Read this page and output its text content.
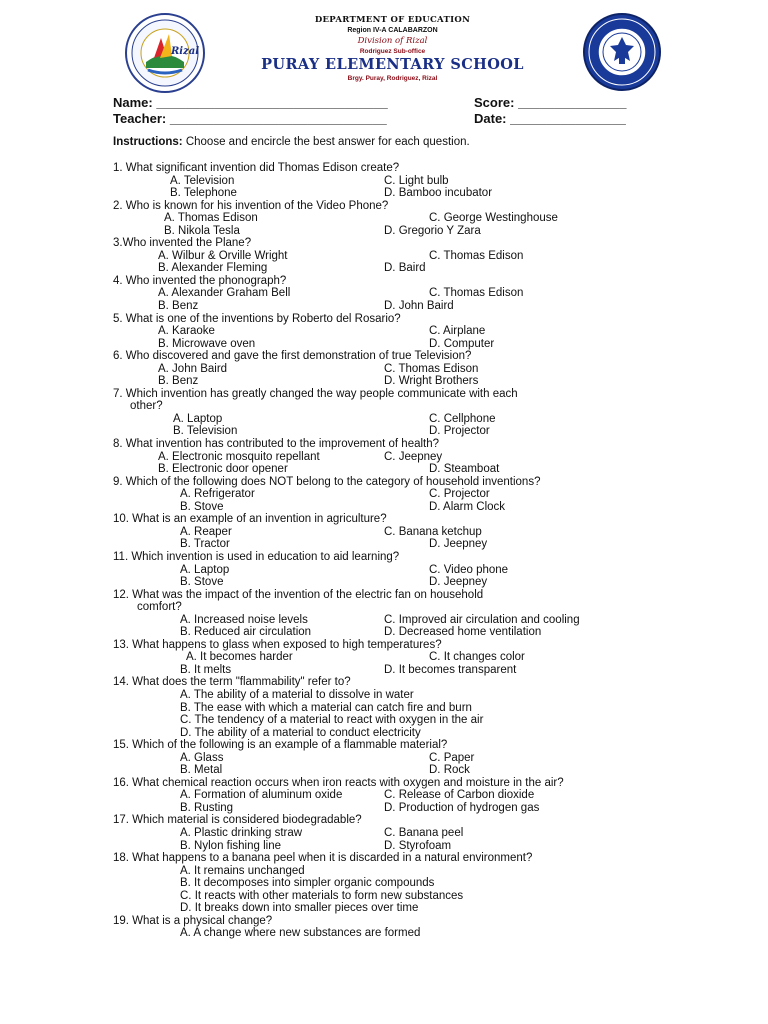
Rizal
DEPARTMENT OF EDUCATION
Region IV-A CALABARZON
Division of Rizal
Rodriguez Sub-office
PURAY ELEMENTARY SCHOOL
Brgy. Puray, Rodriguez, Rizal
Name: ________________________________	Score: _______________
Teacher: ______________________________	Date: ________________
Instructions: Choose and encircle the best answer for each question.
1. What significant invention did Thomas Edison create?
A. Television	C. Light bulb
B. Telephone	D. Bamboo incubator
2. Who is known for his invention of the Video Phone?
A. Thomas Edison	C. George Westinghouse
B. Nikola Tesla	D. Gregorio Y Zara
3.Who invented the Plane?
A. Wilbur & Orville Wright	C. Thomas Edison
B. Alexander Fleming	D. Baird
4. Who invented the phonograph?
A. Alexander Graham Bell	C. Thomas Edison
B. Benz	D. John Baird
5. What is one of the inventions by Roberto del Rosario?
A. Karaoke	C. Airplane
B. Microwave oven	D. Computer
6. Who discovered and gave the first demonstration of true Television?
A. John Baird	C. Thomas Edison
B. Benz	D. Wright Brothers
7. Which invention has greatly changed the way people communicate with each
other?
A. Laptop	C. Cellphone
B. Television	D. Projector
8. What invention has contributed to the improvement of health?
A. Electronic mosquito repellant	C. Jeepney
B. Electronic door opener	D. Steamboat
9. Which of the following does NOT belong to the category of household inventions?
A. Refrigerator	C. Projector
B. Stove	D. Alarm Clock
10. What is an example of an invention in agriculture?
A. Reaper	C. Banana ketchup
B. Tractor	D. Jeepney
11. Which invention is used in education to aid learning?
A. Laptop	C. Video phone
B. Stove	D. Jeepney
12. What was the impact of the invention of the electric fan on household
comfort?
A. Increased noise levels	C. Improved air circulation and cooling
B. Reduced air circulation	D. Decreased home ventilation
13. What happens to glass when exposed to high temperatures?
A. It becomes harder	C. It changes color
B. It melts	D. It becomes transparent
14. What does the term "flammability" refer to?
A. The ability of a material to dissolve in water
B. The ease with which a material can catch fire and burn
C. The tendency of a material to react with oxygen in the air
D. The ability of a material to conduct electricity
15. Which of the following is an example of a flammable material?
A. Glass	C. Paper
B. Metal	D. Rock
16. What chemical reaction occurs when iron reacts with oxygen and moisture in the air?
A. Formation of aluminum oxide	C. Release of Carbon dioxide
B. Rusting	D. Production of hydrogen gas
17. Which material is considered biodegradable?
A. Plastic drinking straw	C. Banana peel
B. Nylon fishing line	D. Styrofoam
18. What happens to a banana peel when it is discarded in a natural environment?
A. It remains unchanged
B. It decomposes into simpler organic compounds
C. It reacts with other materials to form new substances
D. It breaks down into smaller pieces over time
19. What is a physical change?
A. A change where new substances are formed
